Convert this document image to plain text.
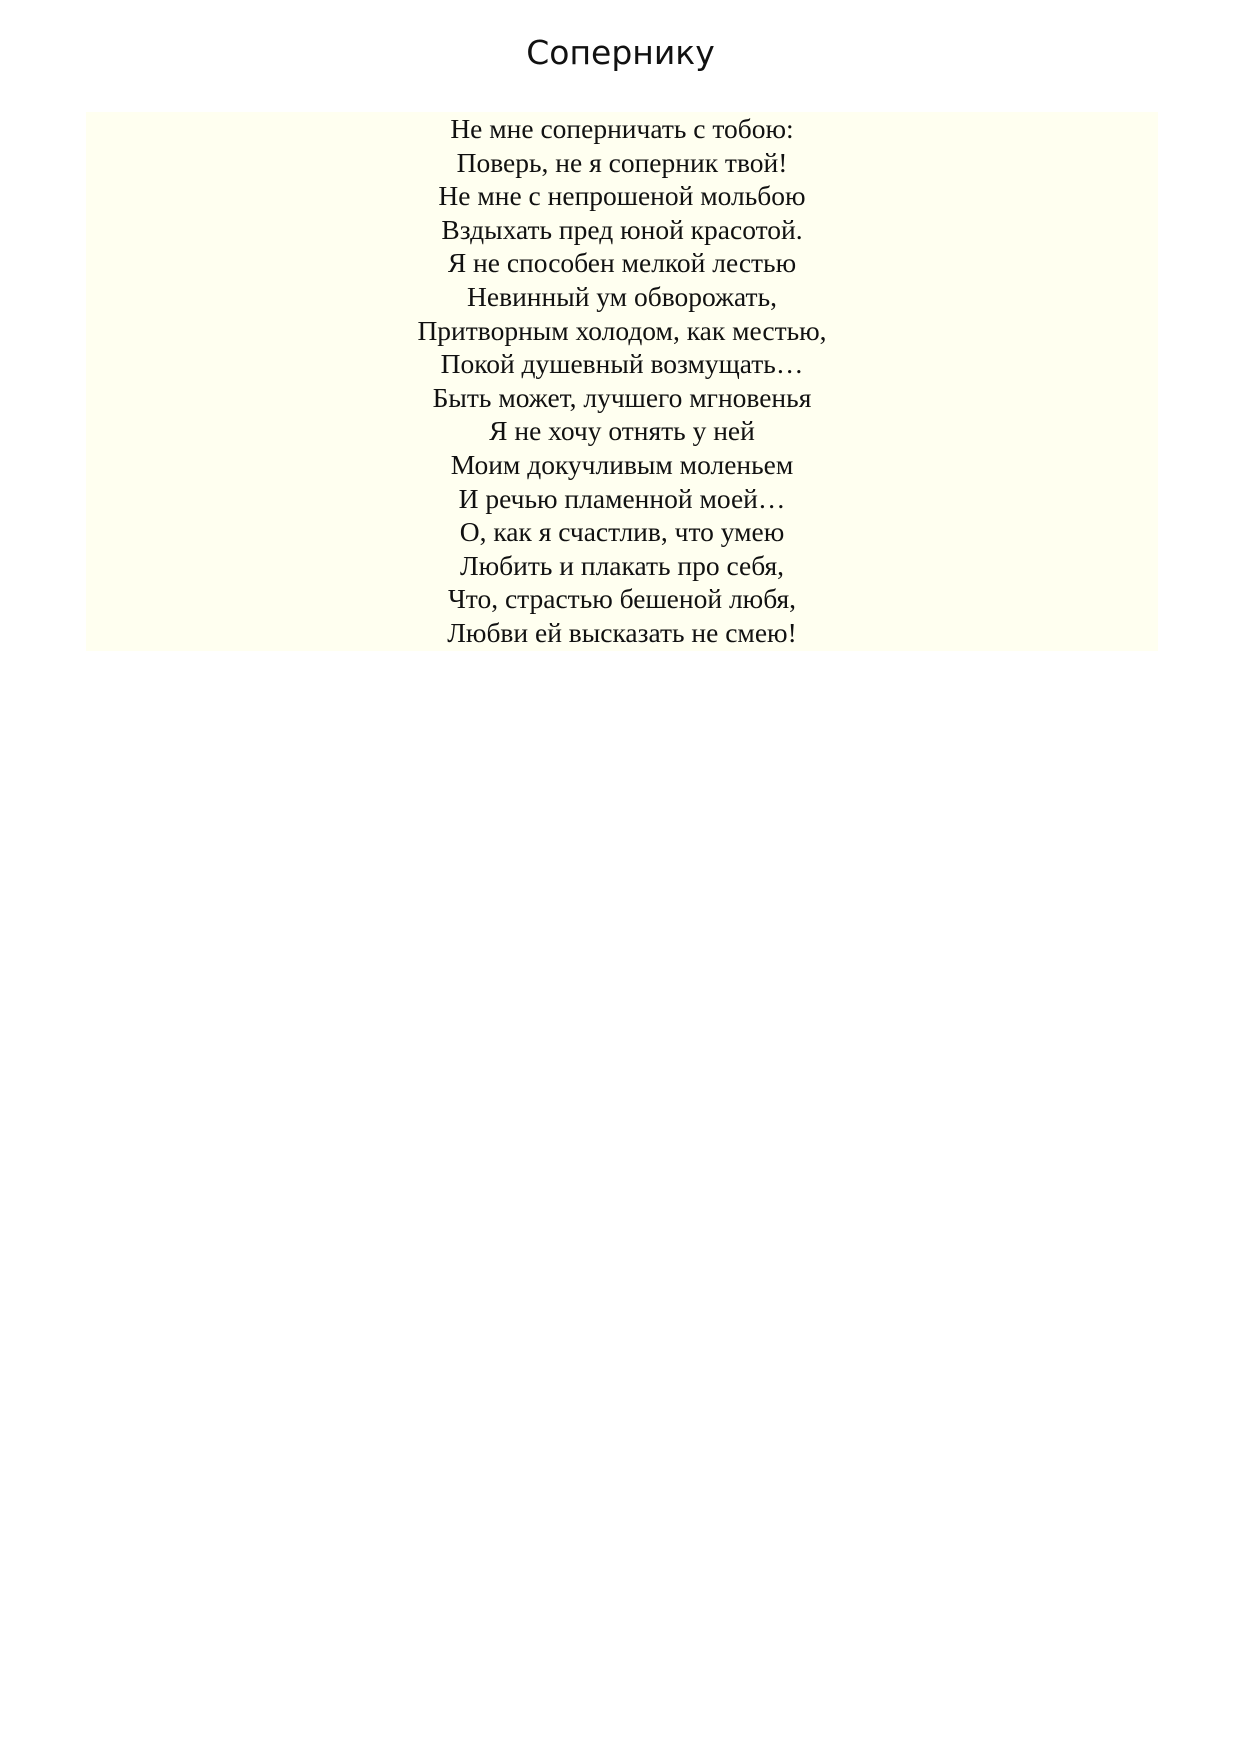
Сопернику
Не мне соперничать с тобою:
Поверь, не я соперник твой!
Не мне с непрошеной мольбою
Вздыхать пред юной красотой.
Я не способен мелкой лестью
Невинный ум обворожать,
Притворным холодом, как местью,
Покой душевный возмущать…
Быть может, лучшего мгновенья
Я не хочу отнять у ней
Моим докучливым моленьем
И речью пламенной моей…
О, как я счастлив, что умею
Любить и плакать про себя,
Что, страстью бешеной любя,
Любви ей высказать не смею!
